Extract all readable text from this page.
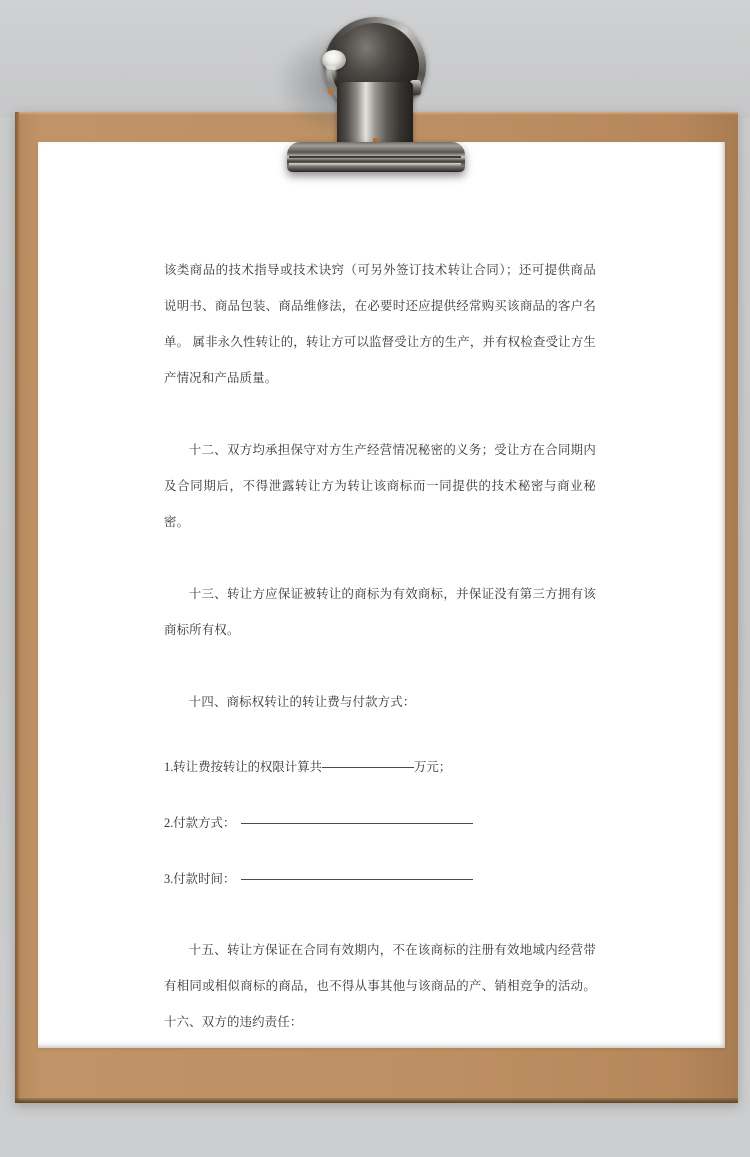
该类商品的技术指导或技术诀窍（可另外签订技术转让合同）；还可提供商品说明书、商品包装、商品维修法，在必要时还应提供经常购买该商品的客户名单。 属非永久性转让的，转让方可以监督受让方的生产，并有权检查受让方生产情况和产品质量。

十二、双方均承担保守对方生产经营情况秘密的义务；受让方在合同期内及合同期后，不得泄露转让方为转让该商标而一同提供的技术秘密与商业秘密。

十三、转让方应保证被转让的商标为有效商标，并保证没有第三方拥有该商标所有权。

十四、商标权转让的转让费与付款方式：

1.转让费按转让的权限计算共	万元；
2.付款方式：
3.付款时间：

十五、转让方保证在合同有效期内，不在该商标的注册有效地域内经营带有相同或相似商标的商品，也不得从事其他与该商品的产、销相竞争的活动。 十六、双方的违约责任：
